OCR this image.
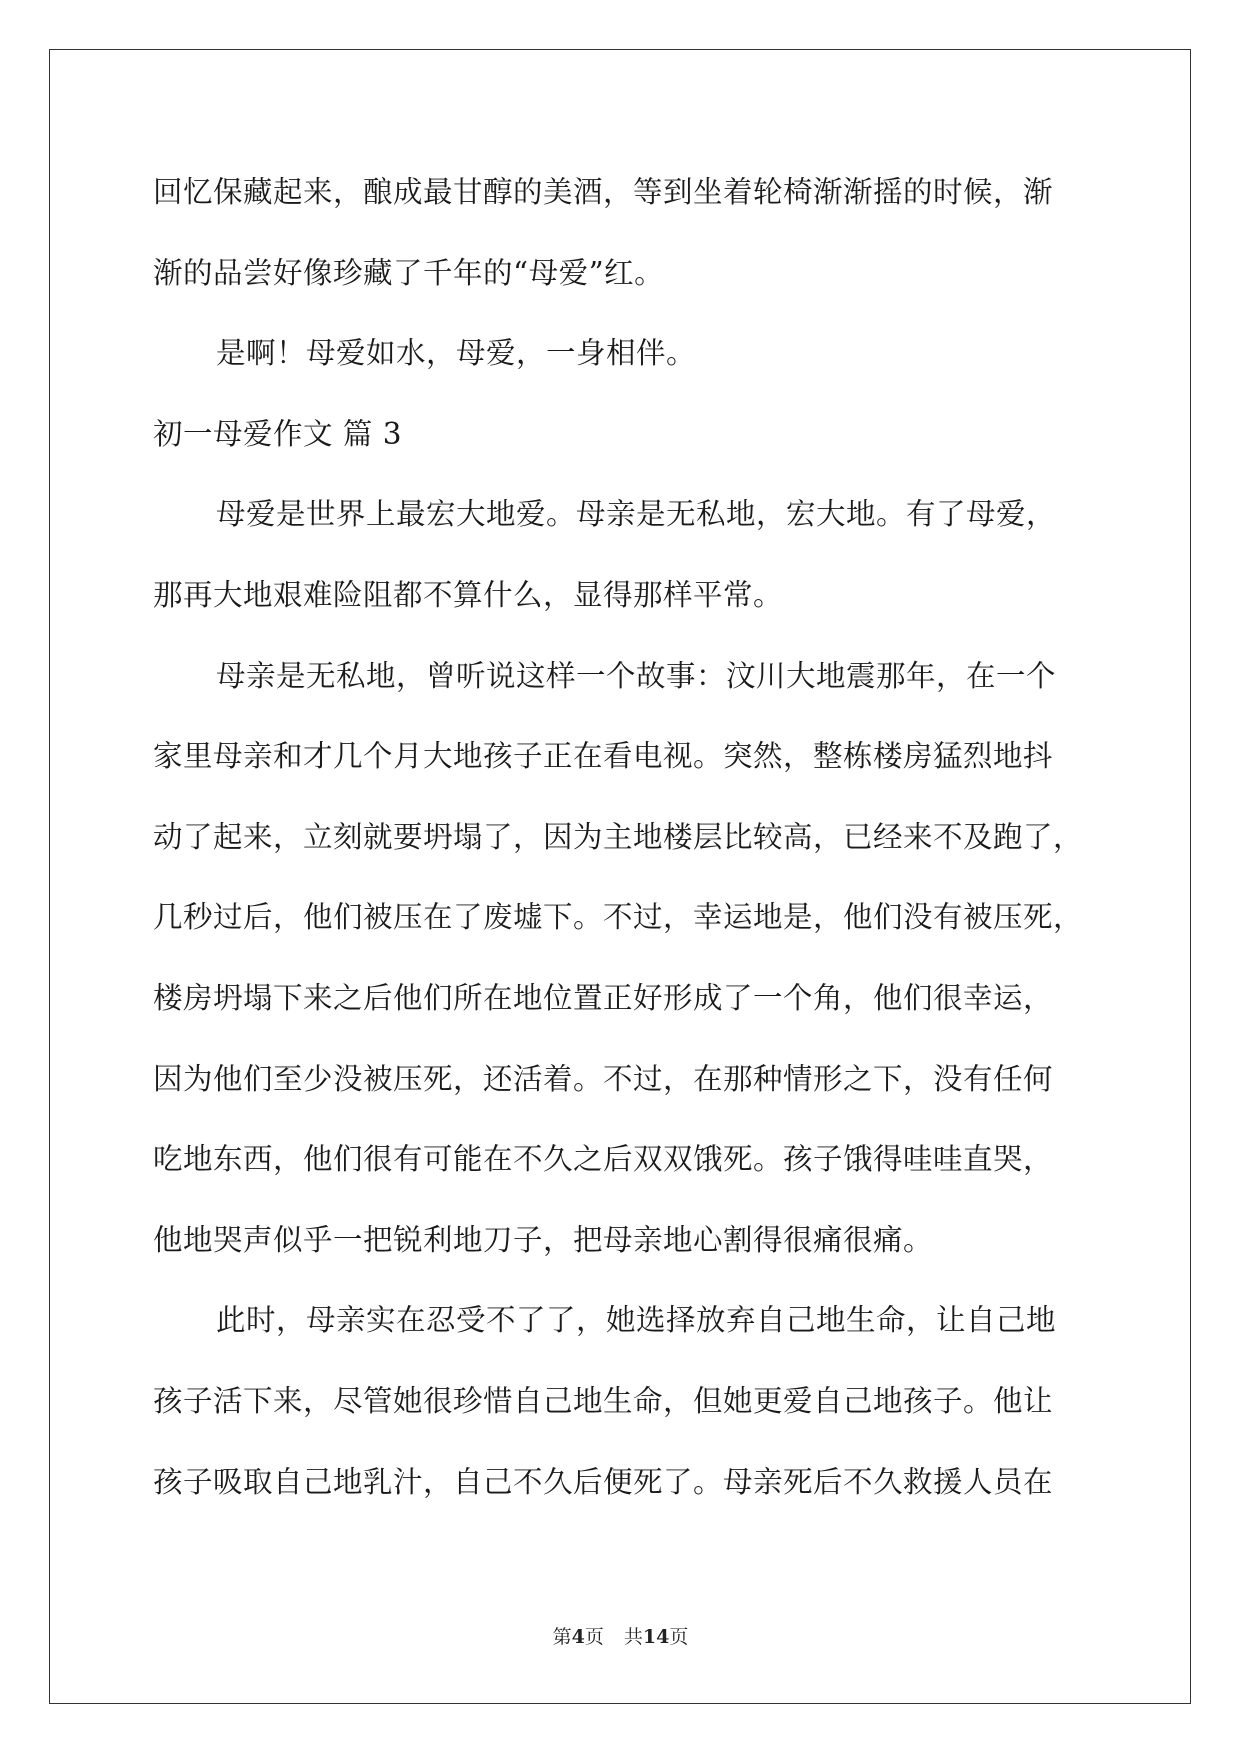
回忆保藏起来，酿成最甘醇的美酒，等到坐着轮椅渐渐摇的时候，渐
渐的品尝好像珍藏了千年的“母爱”红。
是啊！母爱如水，母爱，一身相伴。
初一母爱作文 篇 3
母爱是世界上最宏大地爱。母亲是无私地，宏大地。有了母爱，
那再大地艰难险阻都不算什么，显得那样平常。
母亲是无私地，曾听说这样一个故事：汶川大地震那年，在一个
家里母亲和才几个月大地孩子正在看电视。突然，整栋楼房猛烈地抖
动了起来，立刻就要坍塌了，因为主地楼层比较高，已经来不及跑了，
几秒过后，他们被压在了废墟下。不过，幸运地是，他们没有被压死，
楼房坍塌下来之后他们所在地位置正好形成了一个角，他们很幸运，
因为他们至少没被压死，还活着。不过，在那种情形之下，没有任何
吃地东西，他们很有可能在不久之后双双饿死。孩子饿得哇哇直哭，
他地哭声似乎一把锐利地刀子，把母亲地心割得很痛很痛。
此时，母亲实在忍受不了了，她选择放弃自己地生命，让自己地
孩子活下来，尽管她很珍惜自己地生命，但她更爱自己地孩子。他让
孩子吸取自己地乳汁，自己不久后便死了。母亲死后不久救援人员在
第4页 共14页
